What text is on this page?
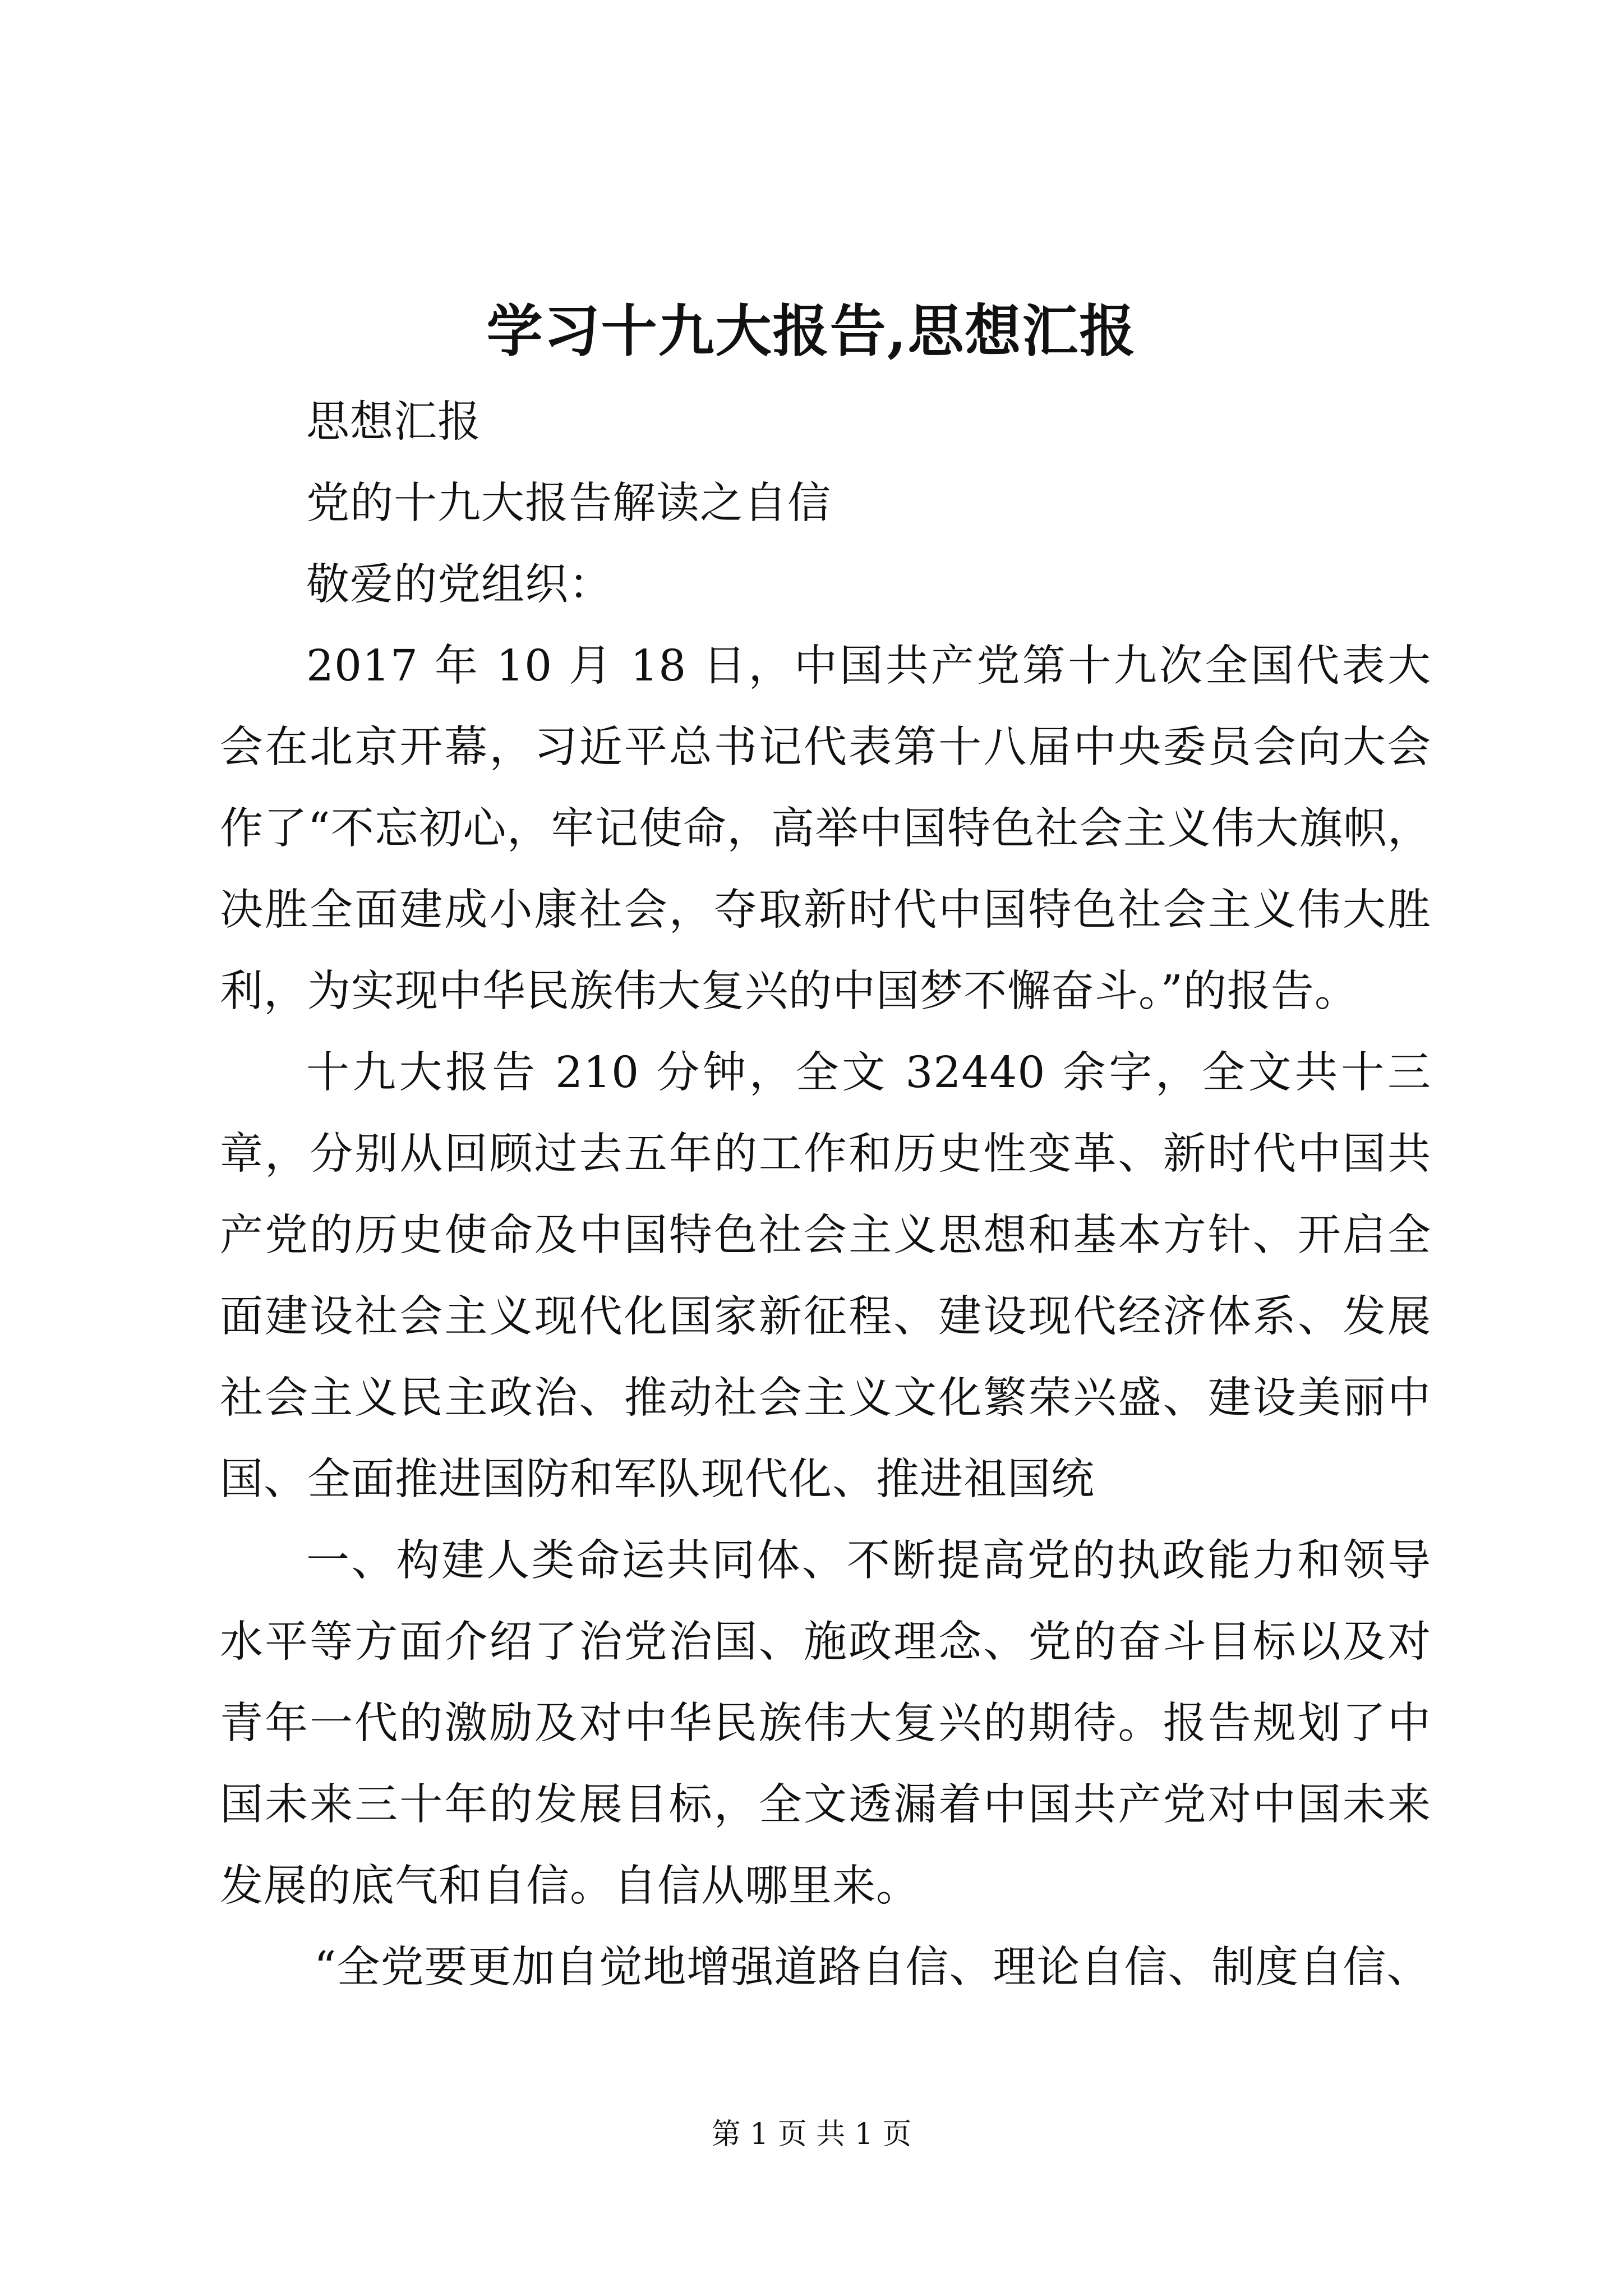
学习十九大报告,思想汇报

思想汇报

党的十九大报告解读之自信

敬爱的党组织：

2017 年 10 月 18 日，中国共产党第十九次全国代表大会在北京开幕，习近平总书记代表第十八届中央委员会向大会作了“不忘初心，牢记使命，高举中国特色社会主义伟大旗帜，决胜全面建成小康社会，夺取新时代中国特色社会主义伟大胜利，为实现中华民族伟大复兴的中国梦不懈奋斗。”的报告。

十九大报告 210 分钟，全文 32440 余字，全文共十三章，分别从回顾过去五年的工作和历史性变革、新时代中国共产党的历史使命及中国特色社会主义思想和基本方针、开启全面建设社会主义现代化国家新征程、建设现代经济体系、发展社会主义民主政治、推动社会主义文化繁荣兴盛、建设美丽中国、全面推进国防和军队现代化、推进祖国统

一、构建人类命运共同体、不断提高党的执政能力和领导水平等方面介绍了治党治国、施政理念、党的奋斗目标以及对青年一代的激励及对中华民族伟大复兴的期待。报告规划了中国未来三十年的发展目标，全文透漏着中国共产党对中国未来发展的底气和自信。自信从哪里来。

“全党要更加自觉地增强道路自信、理论自信、制度自信、

第 1 页 共 1 页
